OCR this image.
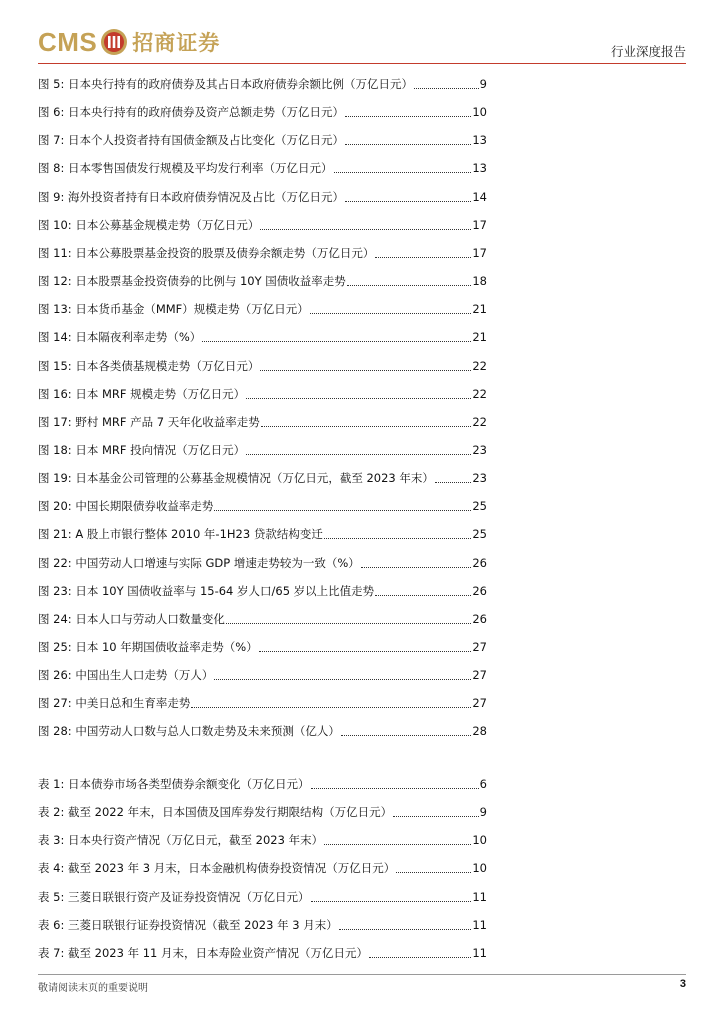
CMS 招商证券	行业深度报告
图 5: 日本央行持有的政府债券及其占日本政府债券余额比例（万亿日元）	9
图 6: 日本央行持有的政府债券及资产总额走势（万亿日元）	10
图 7: 日本个人投资者持有国债金额及占比变化（万亿日元）	13
图 8: 日本零售国债发行规模及平均发行利率（万亿日元）	13
图 9: 海外投资者持有日本政府债券情况及占比（万亿日元）	14
图 10: 日本公募基金规模走势（万亿日元）	17
图 11: 日本公募股票基金投资的股票及债券余额走势（万亿日元）	17
图 12: 日本股票基金投资债券的比例与 10Y 国债收益率走势	18
图 13: 日本货币基金（MMF）规模走势（万亿日元）	21
图 14: 日本隔夜利率走势（%）	21
图 15: 日本各类债基规模走势（万亿日元）	22
图 16: 日本 MRF 规模走势（万亿日元）	22
图 17: 野村 MRF 产品 7 天年化收益率走势	22
图 18: 日本 MRF 投向情况（万亿日元）	23
图 19: 日本基金公司管理的公募基金规模情况（万亿日元，截至 2023 年末）	23
图 20: 中国长期限债券收益率走势	25
图 21: A 股上市银行整体 2010 年-1H23 贷款结构变迁	25
图 22: 中国劳动人口增速与实际 GDP 增速走势较为一致（%）	26
图 23: 日本 10Y 国债收益率与 15-64 岁人口/65 岁以上比值走势	26
图 24: 日本人口与劳动人口数量变化	26
图 25: 日本 10 年期国债收益率走势（%）	27
图 26: 中国出生人口走势（万人）	27
图 27: 中美日总和生育率走势	27
图 28: 中国劳动人口数与总人口数走势及未来预测（亿人）	28
表 1: 日本债券市场各类型债券余额变化（万亿日元）	6
表 2: 截至 2022 年末，日本国债及国库券发行期限结构（万亿日元）	9
表 3: 日本央行资产情况（万亿日元，截至 2023 年末）	10
表 4: 截至 2023 年 3 月末，日本金融机构债券投资情况（万亿日元）	10
表 5: 三菱日联银行资产及证券投资情况（万亿日元）	11
表 6: 三菱日联银行证券投资情况（截至 2023 年 3 月末）	11
表 7: 截至 2023 年 11 月末，日本寿险业资产情况（万亿日元）	11
敬请阅读末页的重要说明	3
